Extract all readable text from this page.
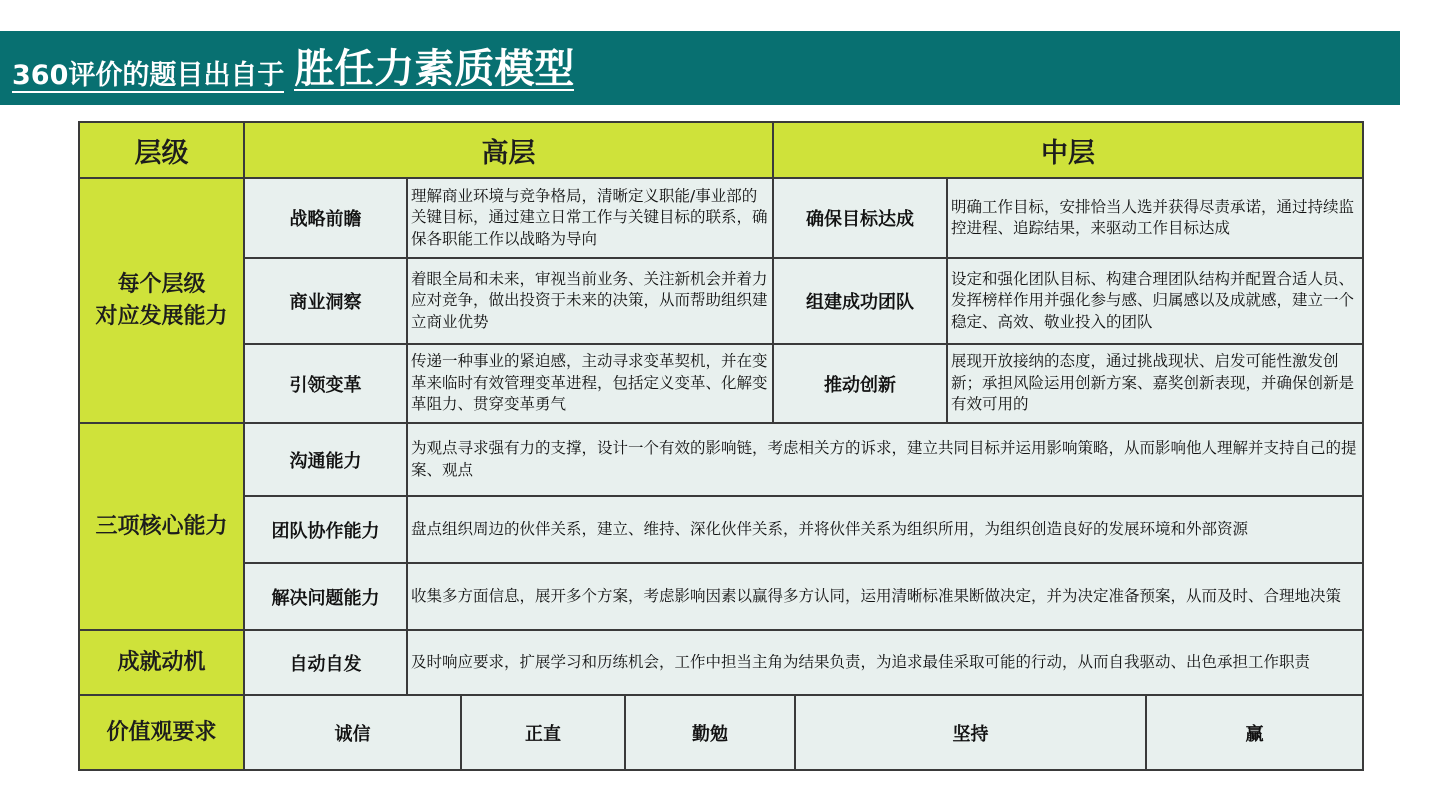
360评价的题目出自于 胜任力素质模型
层级	高层				中层			

每个层级
对应发展能力	战略前瞻	理解商业环境与竞争格局，清晰定义职能/事业部的关键目标，通过建立日常工作与关键目标的联系，确保各职能工作以战略为导向			确保目标达成		明确工作目标，安排恰当人选并获得尽责承诺，通过持续监控进程、追踪结果，来驱动工作目标达成	
	商业洞察	着眼全局和未来，审视当前业务、关注新机会并着力应对竞争，做出投资于未来的决策，从而帮助组织建立商业优势			组建成功团队		设定和强化团队目标、构建合理团队结构并配置合适人员、发挥榜样作用并强化参与感、归属感以及成就感，建立一个稳定、高效、敬业投入的团队	
	引领变革	传递一种事业的紧迫感，主动寻求变革契机，并在变革来临时有效管理变革进程，包括定义变革、化解变革阻力、贯穿变革勇气			推动创新		展现开放接纳的态度，通过挑战现状、启发可能性激发创新；承担风险运用创新方案、嘉奖创新表现，并确保创新是有效可用的	
三项核心能力	沟通能力	为观点寻求强有力的支撑，设计一个有效的影响链，考虑相关方的诉求，建立共同目标并运用影响策略，从而影响他人理解并支持自己的提案、观点						
	团队协作能力	盘点组织周边的伙伴关系，建立、维持、深化伙伴关系，并将伙伴关系为组织所用，为组织创造良好的发展环境和外部资源						
	解决问题能力	收集多方面信息，展开多个方案，考虑影响因素以赢得多方认同，运用清晰标准果断做决定，并为决定准备预案，从而及时、合理地决策						
成就动机	自动自发	及时响应要求，扩展学习和历练机会，工作中担当主角为结果负责，为追求最佳采取可能的行动，从而自我驱动、出色承担工作职责						
价值观要求	诚信		正直	勤勉		坚持		赢
